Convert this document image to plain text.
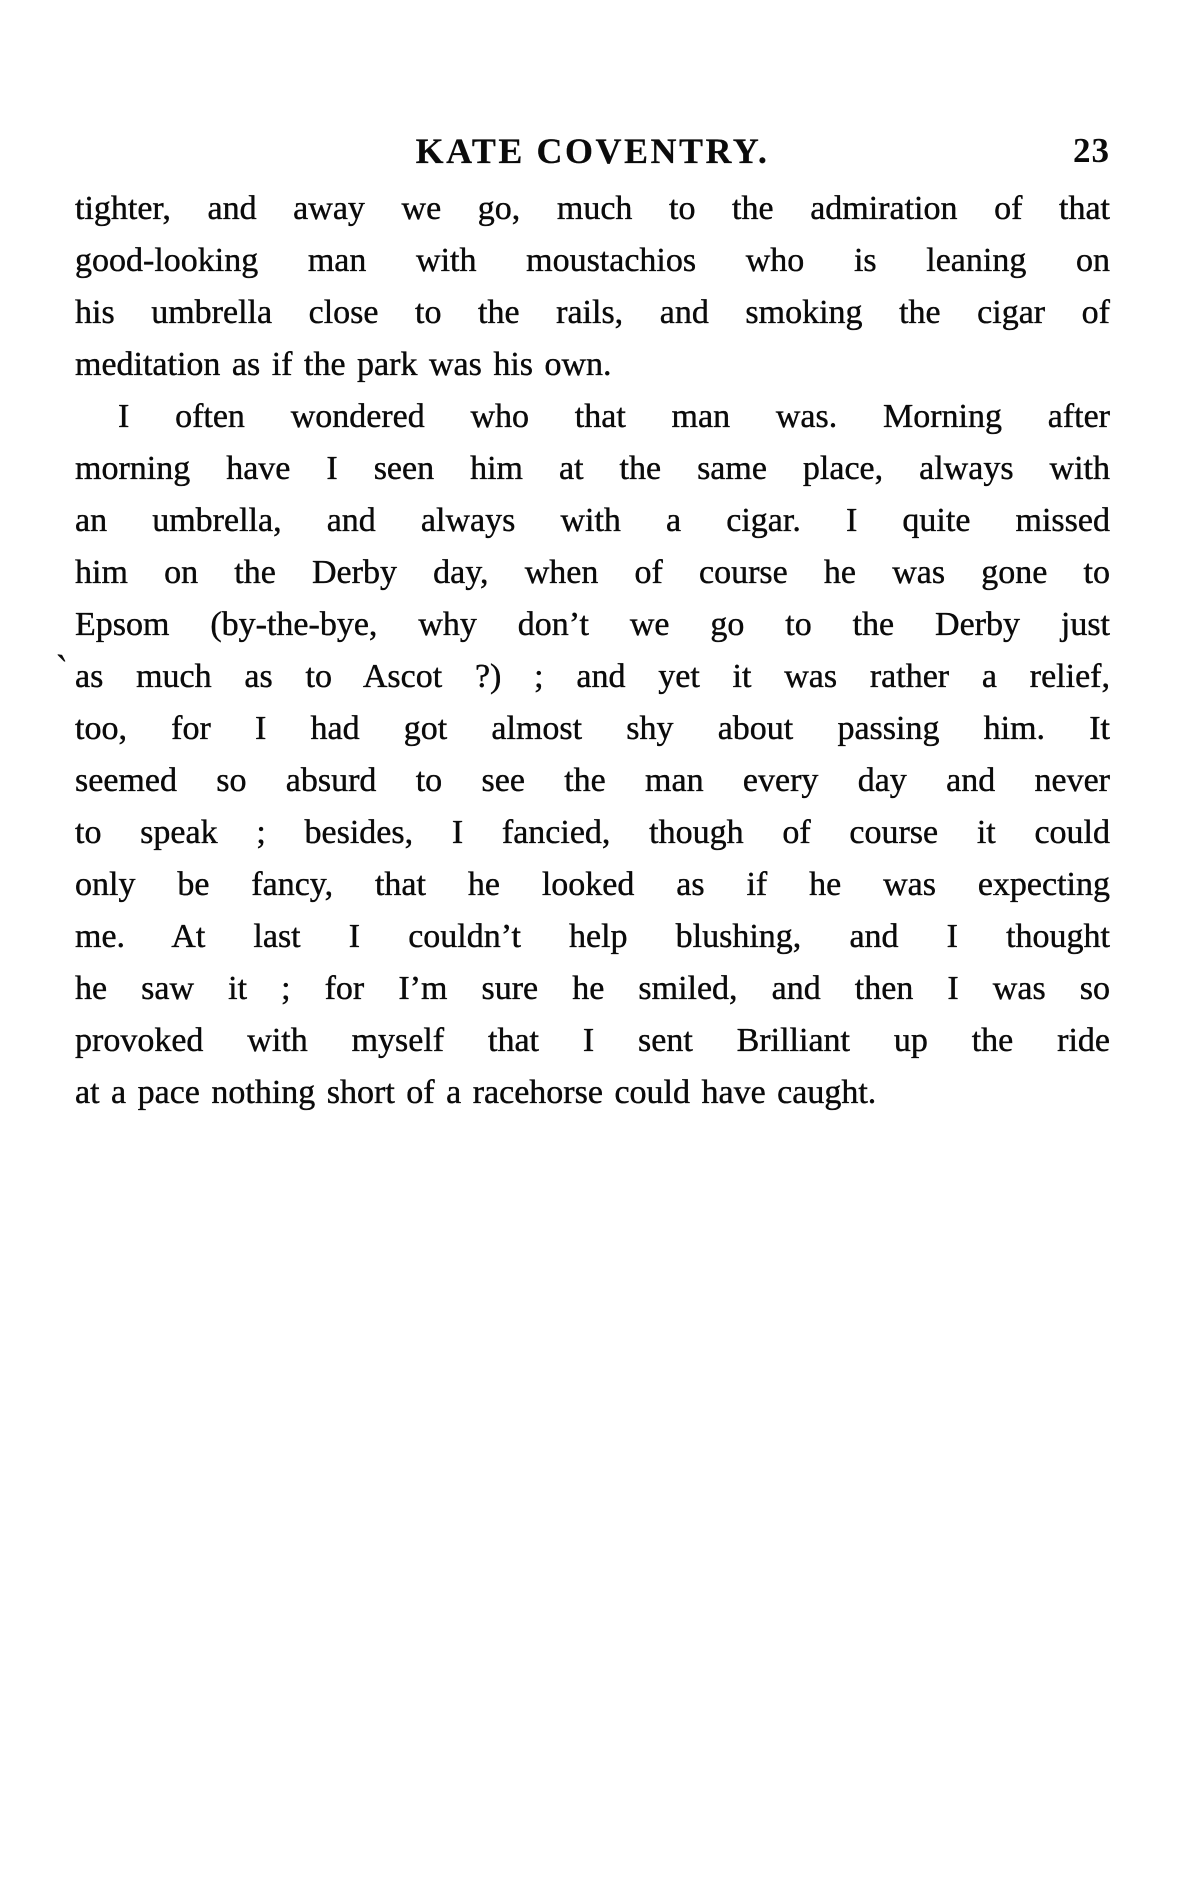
KATE COVENTRY.	23
`
tighter, and away we go, much to the admiration of that
good-looking man with moustachios who is leaning on
his umbrella close to the rails, and smoking the cigar of
meditation as if the park was his own.
I often wondered who that man was. Morning after
morning have I seen him at the same place, always with
an umbrella, and always with a cigar. I quite missed
him on the Derby day, when of course he was gone to
Epsom (by-the-bye, why don’t we go to the Derby just
as much as to Ascot ?) ; and yet it was rather a relief,
too, for I had got almost shy about passing him. It
seemed so absurd to see the man every day and never
to speak ; besides, I fancied, though of course it could
only be fancy, that he looked as if he was expecting
me. At last I couldn’t help blushing, and I thought
he saw it ; for I’m sure he smiled, and then I was so
provoked with myself that I sent Brilliant up the ride
at a pace nothing short of a racehorse could have caught.
